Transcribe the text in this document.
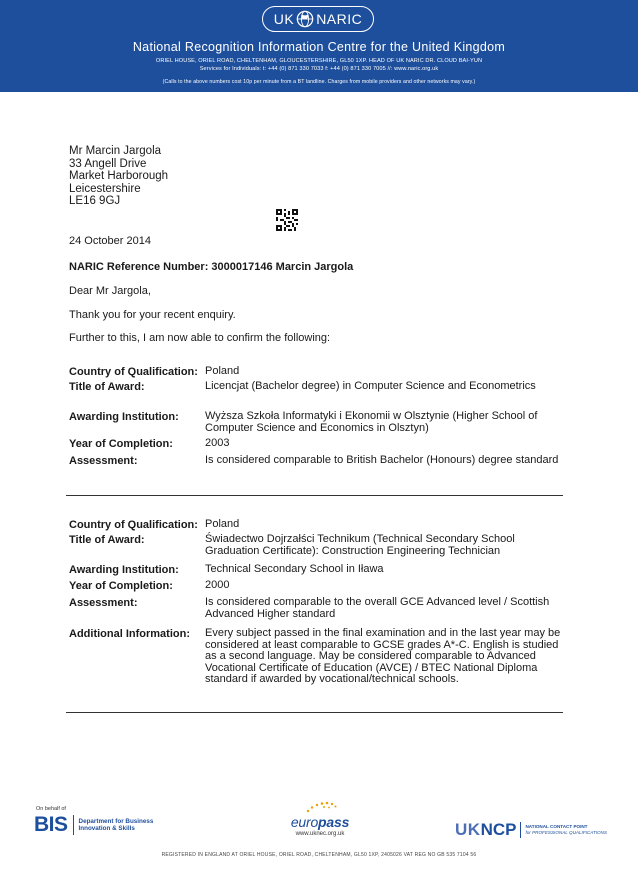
UK NARIC
National Recognition Information Centre for the United Kingdom
ORIEL HOUSE, ORIEL ROAD, CHELTENHAM, GLOUCESTERSHIRE, GL50 1XP. HEAD OF UK NARIC DR. CLOUD BAI-YUN
Services for Individuals: t: +44 (0) 871 330 7033 f: +44 (0) 871 330 7005 //: www.naric.org.uk
(Calls to the above numbers cost 10p per minute from a BT landline. Charges from mobile providers and other networks may vary.)
Mr Marcin Jargola
33 Angell Drive
Market Harborough
Leicestershire
LE16 9GJ
24 October 2014
NARIC Reference Number: 3000017146 Marcin Jargola
Dear Mr Jargola,
Thank you for your recent enquiry.
Further to this, I am now able to confirm the following:
Country of Qualification: Poland
Title of Award:	Licencjat (Bachelor degree) in Computer Science and Econometrics
Awarding Institution: Wyższa Szkoła Informatyki i Ekonomii w Olsztynie (Higher School of Computer Science and Economics in Olsztyn)
Year of Completion:	2003
Assessment:	Is considered comparable to British Bachelor (Honours) degree standard
Country of Qualification: Poland
Title of Award:	Świadectwo Dojrzałści Technikum (Technical Secondary School Graduation Certificate): Construction Engineering Technician
Awarding Institution: Technical Secondary School in Iława
Year of Completion:	2000
Assessment:	Is considered comparable to the overall GCE Advanced level / Scottish Advanced Higher standard
Additional Information: Every subject passed in the final examination and in the last year may be considered at least comparable to GCSE grades A*-C. English is studied as a second language. May be considered comparable to Advanced Vocational Certificate of Education (AVCE) / BTEC National Diploma standard if awarded by vocational/technical schools.
On behalf of
BIS	Department for Business
Innovation & Skills	europass
www.uknec.org.uk	UK NCP NATIONAL CONTACT POINT
for PROFESSIONAL QUALIFICATIONS
REGISTERED IN ENGLAND AT ORIEL HOUSE, ORIEL ROAD, CHELTENHAM, GL50 1XP, 2405026 VAT REG NO GB 535 7104 56
